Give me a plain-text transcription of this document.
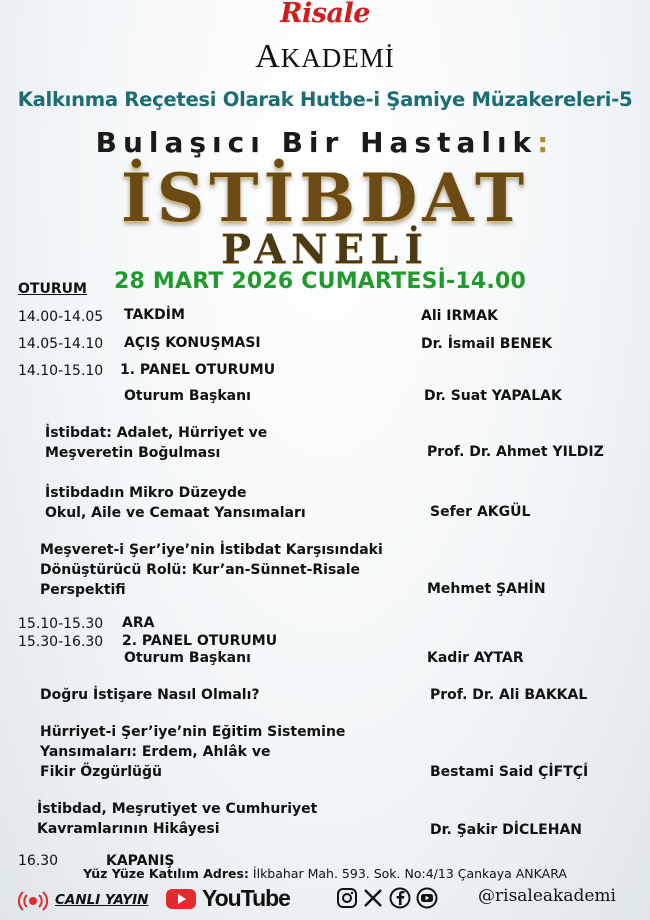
Risale
AKADEMİ
Kalkınma Reçetesi Olarak Hutbe-i Şamiye Müzakereleri-5
Bulaşıcı Bir Hastalık:
İSTİBDAT
PANELİ
OTURUM 28 MART 2026 CUMARTESİ-14.00
14.00-14.05 TAKDİM	Ali IRMAK
14.05-14.10 AÇIŞ KONUŞMASI	Dr. İsmail BENEK
14.10-15.10 1. PANEL OTURUMU
Oturum Başkanı	Dr. Suat YAPALAK
İstibdat: Adalet, Hürriyet ve
Meşveretin Boğulması	Prof. Dr. Ahmet YILDIZ
İstibdadın Mikro Düzeyde
Okul, Aile ve Cemaat Yansımaları	Sefer AKGÜL
Meşveret-i Şer’iye’nin İstibdat Karşısındaki
Dönüştürücü Rolü: Kur’an-Sünnet-Risale
Perspektifi	Mehmet ŞAHİN
15.10-15.30 ARA
15.30-16.30 2. PANEL OTURUMU
Oturum Başkanı	Kadir AYTAR
Doğru İstişare Nasıl Olmalı?	Prof. Dr. Ali BAKKAL
Hürriyet-i Şer’iye’nin Eğitim Sistemine
Yansımaları: Erdem, Ahlâk ve
Fikir Özgürlüğü	Bestami Said ÇİFTÇİ
İstibdad, Meşrutiyet ve Cumhuriyet
Kavramlarının Hikâyesi	Dr. Şakir DİCLEHAN
16.30	KAPANIŞ
Yüz Yüze Katılım Adres: İlkbahar Mah. 593. Sok. No:4/13 Çankaya ANKARA
CANLI YAYIN YouTube	@risaleakademi
